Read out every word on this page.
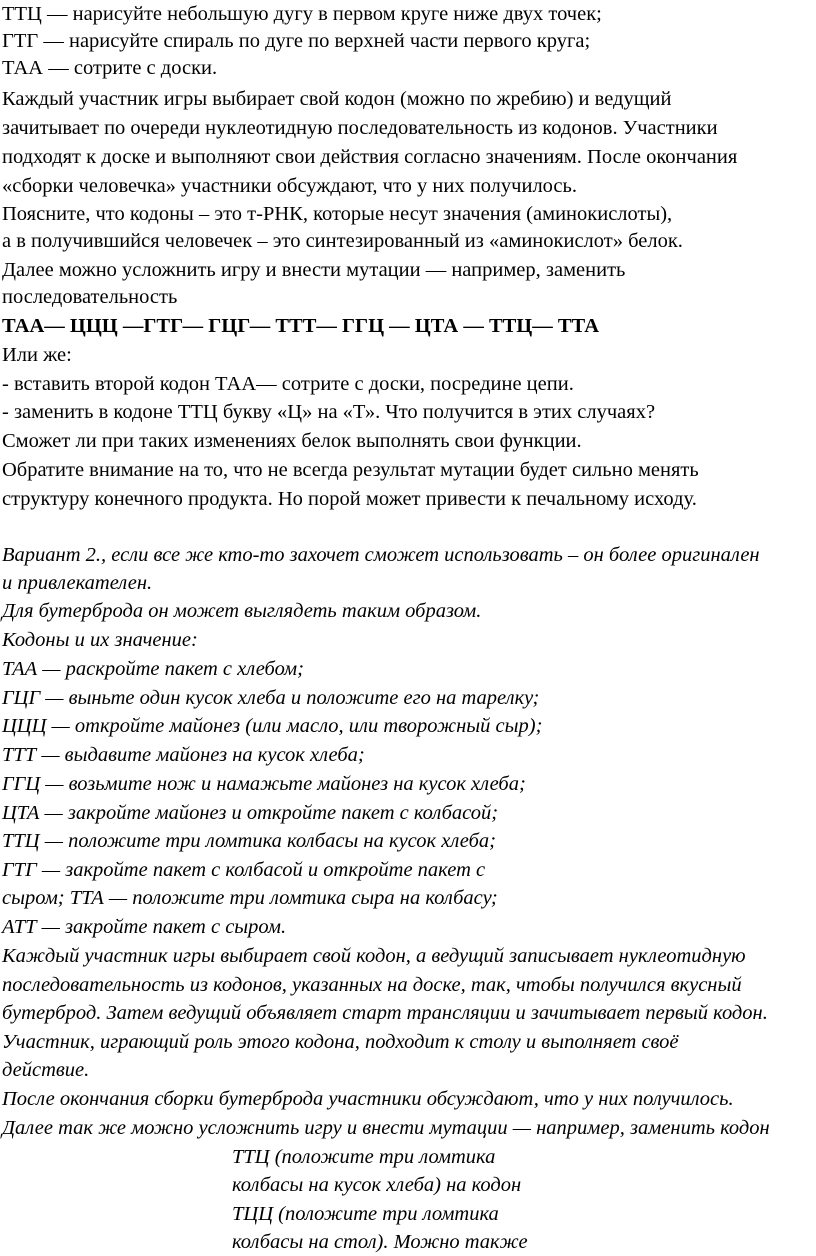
ТТЦ — нарисуйте небольшую дугу в первом круге ниже двух точек;
ГТГ — нарисуйте спираль по дуге по верхней части первого круга;
ТАА — сотрите с доски.
Каждый участник игры выбирает свой кодон (можно по жребию) и ведущий
зачитывает по очереди нуклеотидную последовательность из кодонов. Участники
подходят к доске и выполняют свои действия согласно значениям. После окончания
«сборки человечка» участники обсуждают, что у них получилось.
Поясните, что кодоны – это т-РНК, которые несут значения (аминокислоты),
а в получившийся человечек – это синтезированный из «аминокислот» белок.
Далее можно усложнить игру и внести мутации — например, заменить
последовательность
ТАА— ЦЦЦ —ГТГ— ГЦГ— ТТТ— ГГЦ — ЦТА — ТТЦ— ТТА
Или же:
- вставить второй кодон ТАА— сотрите с доски, посредине цепи.
- заменить в кодоне ТТЦ букву «Ц» на «Т». Что получится в этих случаях?
Сможет ли при таких изменениях белок выполнять свои функции.
Обратите внимание на то, что не всегда результат мутации будет сильно менять
структуру конечного продукта. Но порой может привести к печальному исходу.
Вариант 2., если все же кто-то захочет сможет использовать – он более оригинален
и привлекателен.
Для бутерброда он может выглядеть таким образом.
Кодоны и их значение:
ТАА — раскройте пакет с хлебом;
ГЦГ — выньте один кусок хлеба и положите его на тарелку;
ЦЦЦ — откройте майонез (или масло, или творожный сыр);
ТТТ — выдавите майонез на кусок хлеба;
ГГЦ — возьмите нож и намажьте майонез на кусок хлеба;
ЦТА — закройте майонез и откройте пакет с колбасой;
ТТЦ — положите три ломтика колбасы на кусок хлеба;
ГТГ — закройте пакет с колбасой и откройте пакет с
сыром; ТТА — положите три ломтика сыра на колбасу;
АТТ — закройте пакет с сыром.
Каждый участник игры выбирает свой кодон, а ведущий записывает нуклеотидную
последовательность из кодонов, указанных на доске, так, чтобы получился вкусный
бутерброд. Затем ведущий объявляет старт трансляции и зачитывает первый кодон.
Участник, играющий роль этого кодона, подходит к столу и выполняет своё
действие.
После окончания сборки бутерброда участники обсуждают, что у них получилось.
Далее так же можно усложнить игру и внести мутации — например, заменить кодон
ТТЦ (положите три ломтика
колбасы на кусок хлеба) на кодон
ТЦЦ (положите три ломтика
колбасы на стол). Можно также
